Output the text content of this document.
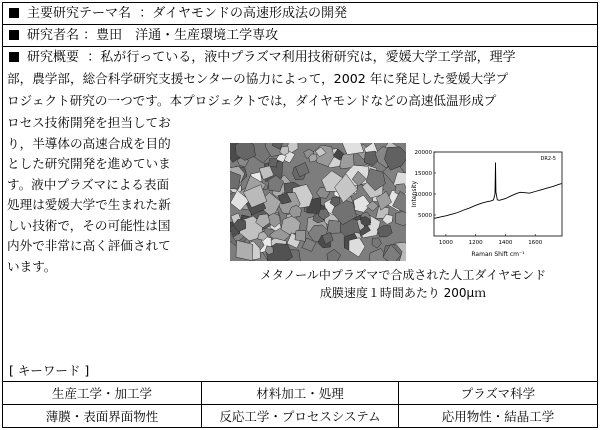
主要研究テーマ名 ：ダイヤモンドの高速形成法の開発
研究者名 ：豊田　洋通・生産環境工学専攻
研究概要 ：私が行っている，液中プラズマ利用技術研究は，愛媛大学工学部，理学
部，農学部，総合科学研究支援センターの協力によって，2002 年に発足した愛媛大学プ
ロジェクト研究の一つです。本プロジェクトでは，ダイヤモンドなどの高速低温形成プ
ロセス技術開発を担当してお
り，半導体の高速合成を目的
とした研究開発を進めていま
す。液中プラズマによる表面
処理は愛媛大学で生まれた新
しい技術で，その可能性は国
内外で非常に高く評価されて
います。
DR2-5
Intensity
Raman Shift cm⁻¹
1000	1200	1400	1600
5000
10000
15000
20000
メタノール中プラズマで合成された人工ダイヤモンド
成膜速度１時間あたり 200μｍ
[ キーワード ]
生産工学・加工学	材料加工・処理	プラズマ科学
薄膜・表面界面物性	反応工学・プロセスシステム	応用物性・結晶工学
